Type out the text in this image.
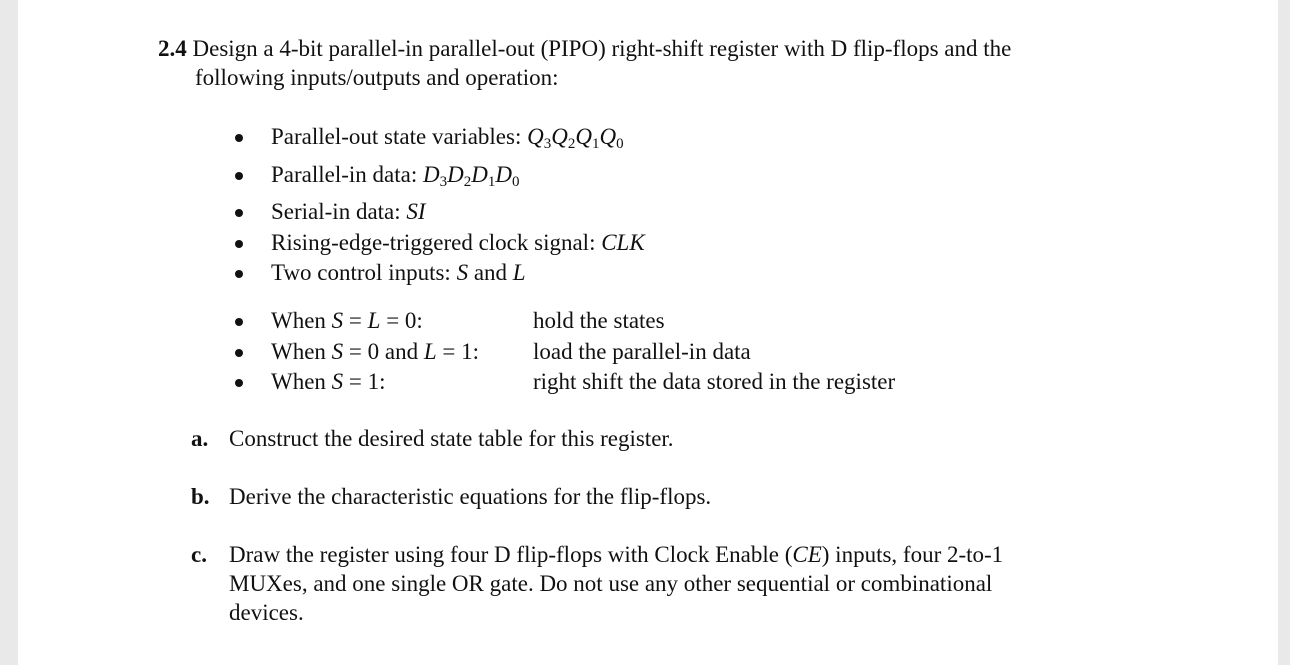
2.4 Design a 4-bit parallel-in parallel-out (PIPO) right-shift register with D flip-flops and the

following inputs/outputs and operation:

Parallel-out state variables: $Q_3Q_2Q_1Q_0$
Parallel-in data: $D_3D_2D_1D_0$
Serial-in data: SI
Rising-edge-triggered clock signal: CLK
Two control inputs: S and L
When S = L = 0:	hold the states
When S = 0 and L = 1: load the parallel-in data
When S = 1:	right shift the data stored in the register
a. Construct the desired state table for this register.
b. Derive the characteristic equations for the flip-flops.
c. Draw the register using four D flip-flops with Clock Enable (CE) inputs, four 2-to-1
MUXes, and one single OR gate. Do not use any other sequential or combinational
devices.
